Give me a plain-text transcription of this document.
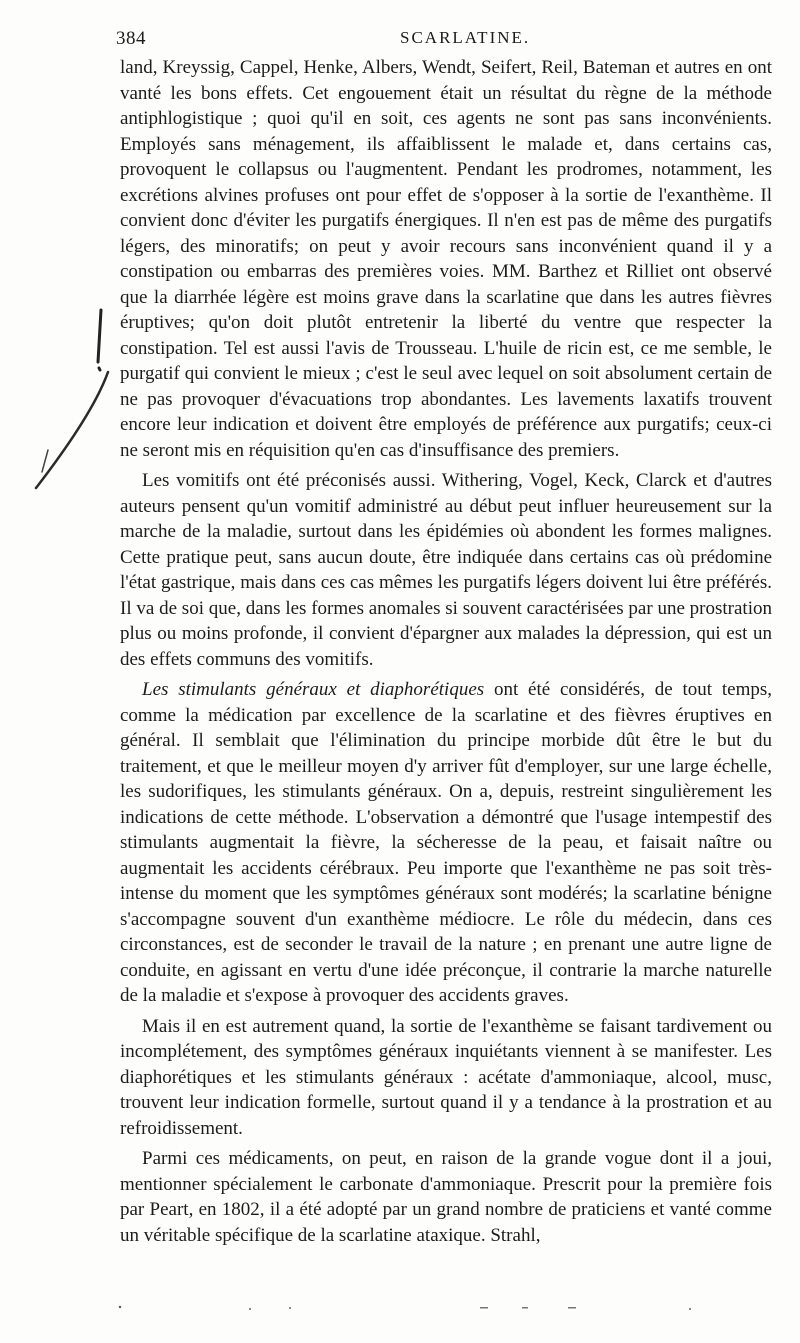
384	SCARLATINE.

land, Kreyssig, Cappel, Henke, Albers, Wendt, Seifert, Reil, Bateman et autres en ont vanté les bons effets. Cet engouement était un résultat du règne de la méthode antiphlogistique ; quoi qu'il en soit, ces agents ne sont pas sans inconvénients. Employés sans ménagement, ils affaiblissent le malade et, dans certains cas, provoquent le collapsus ou l'augmentent. Pendant les prodromes, notamment, les excrétions alvines profuses ont pour effet de s'opposer à la sortie de l'exanthème. Il convient donc d'éviter les purgatifs énergiques. Il n'en est pas de même des purgatifs légers, des minoratifs; on peut y avoir recours sans inconvénient quand il y a constipation ou embarras des premières voies. MM. Barthez et Rilliet ont observé que la diarrhée légère est moins grave dans la scarlatine que dans les autres fièvres éruptives; qu'on doit plutôt entretenir la liberté du ventre que respecter la constipation. Tel est aussi l'avis de Trousseau. L'huile de ricin est, ce me semble, le purgatif qui convient le mieux ; c'est le seul avec lequel on soit absolument certain de ne pas provoquer d'évacuations trop abondantes. Les lavements laxatifs trouvent encore leur indication et doivent être employés de préférence aux purgatifs; ceux-ci ne seront mis en réquisition qu'en cas d'insuffisance des premiers.

Les vomitifs ont été préconisés aussi. Withering, Vogel, Keck, Clarck et d'autres auteurs pensent qu'un vomitif administré au début peut influer heureusement sur la marche de la maladie, surtout dans les épidémies où abondent les formes malignes. Cette pratique peut, sans aucun doute, être indiquée dans certains cas où prédomine l'état gastrique, mais dans ces cas mêmes les purgatifs légers doivent lui être préférés. Il va de soi que, dans les formes anomales si souvent caractérisées par une prostration plus ou moins profonde, il convient d'épargner aux malades la dépression, qui est un des effets communs des vomitifs.

Les stimulants généraux et diaphorétiques ont été considérés, de tout temps, comme la médication par excellence de la scarlatine et des fièvres éruptives en général. Il semblait que l'élimination du principe morbide dût être le but du traitement, et que le meilleur moyen d'y arriver fût d'employer, sur une large échelle, les sudorifiques, les stimulants généraux. On a, depuis, restreint singulièrement les indications de cette méthode. L'observation a démontré que l'usage intempestif des stimulants augmentait la fièvre, la sécheresse de la peau, et faisait naître ou augmentait les accidents cérébraux. Peu importe que l'exanthème ne pas soit très-intense du moment que les symptômes généraux sont modérés; la scarlatine bénigne s'accompagne souvent d'un exanthème médiocre. Le rôle du médecin, dans ces circonstances, est de seconder le travail de la nature ; en prenant une autre ligne de conduite, en agissant en vertu d'une idée préconçue, il contrarie la marche naturelle de la maladie et s'expose à provoquer des accidents graves.

Mais il en est autrement quand, la sortie de l'exanthème se faisant tardivement ou incomplétement, des symptômes généraux inquiétants viennent à se manifester. Les diaphorétiques et les stimulants généraux : acétate d'ammoniaque, alcool, musc, trouvent leur indication formelle, surtout quand il y a tendance à la prostration et au refroidissement.

Parmi ces médicaments, on peut, en raison de la grande vogue dont il a joui, mentionner spécialement le carbonate d'ammoniaque. Prescrit pour la première fois par Peart, en 1802, il a été adopté par un grand nombre de praticiens et vanté comme un véritable spécifique de la scarlatine ataxique. Strahl,
